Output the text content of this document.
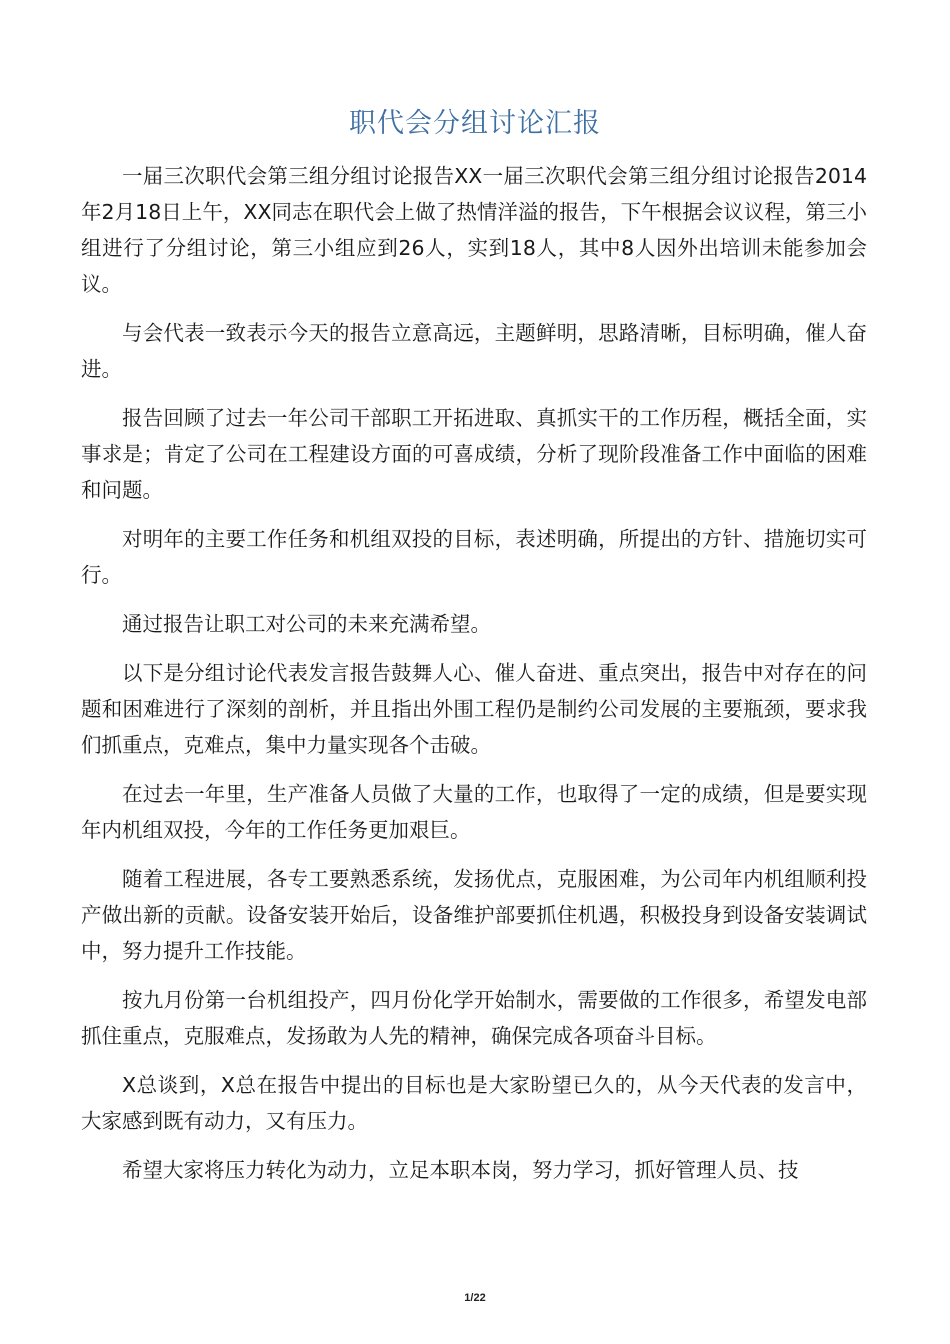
职代会分组讨论汇报

一届三次职代会第三组分组讨论报告XX一届三次职代会第三组分组讨论报告2014年2月18日上午，XX同志在职代会上做了热情洋溢的报告，下午根据会议议程，第三小组进行了分组讨论，第三小组应到26人，实到18人，其中8人因外出培训未能参加会议。

与会代表一致表示今天的报告立意高远，主题鲜明，思路清晰，目标明确，催人奋进。

报告回顾了过去一年公司干部职工开拓进取、真抓实干的工作历程，概括全面，实事求是；肯定了公司在工程建设方面的可喜成绩，分析了现阶段准备工作中面临的困难和问题。

对明年的主要工作任务和机组双投的目标，表述明确，所提出的方针、措施切实可行。

通过报告让职工对公司的未来充满希望。

以下是分组讨论代表发言报告鼓舞人心、催人奋进、重点突出，报告中对存在的问题和困难进行了深刻的剖析，并且指出外围工程仍是制约公司发展的主要瓶颈，要求我们抓重点，克难点，集中力量实现各个击破。

在过去一年里，生产准备人员做了大量的工作，也取得了一定的成绩，但是要实现年内机组双投，今年的工作任务更加艰巨。

随着工程进展，各专工要熟悉系统，发扬优点，克服困难，为公司年内机组顺利投产做出新的贡献。设备安装开始后，设备维护部要抓住机遇，积极投身到设备安装调试中，努力提升工作技能。

按九月份第一台机组投产，四月份化学开始制水，需要做的工作很多，希望发电部抓住重点，克服难点，发扬敢为人先的精神，确保完成各项奋斗目标。

X总谈到，X总在报告中提出的目标也是大家盼望已久的，从今天代表的发言中，大家感到既有动力，又有压力。

希望大家将压力转化为动力，立足本职本岗，努力学习，抓好管理人员、技

1/22
